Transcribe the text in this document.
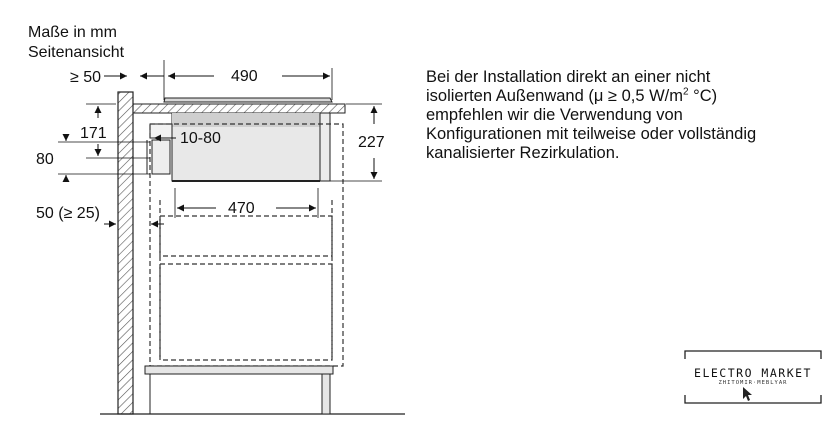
Maße in mm
Seitenansicht
≥ 50	490
171	10-80
80
227
470
50 (≥ 25)
Bei der Installation direkt an einer nicht
isolierten Außenwand (μ ≥ 0,5 $W/m^2$ °C)
empfehlen wir die Verwendung von
Konfigurationen mit teilweise oder vollständig
kanalisierter Rezirkulation.
ELECTRO MARKET
ZHITOMIR·MEBLYAR
